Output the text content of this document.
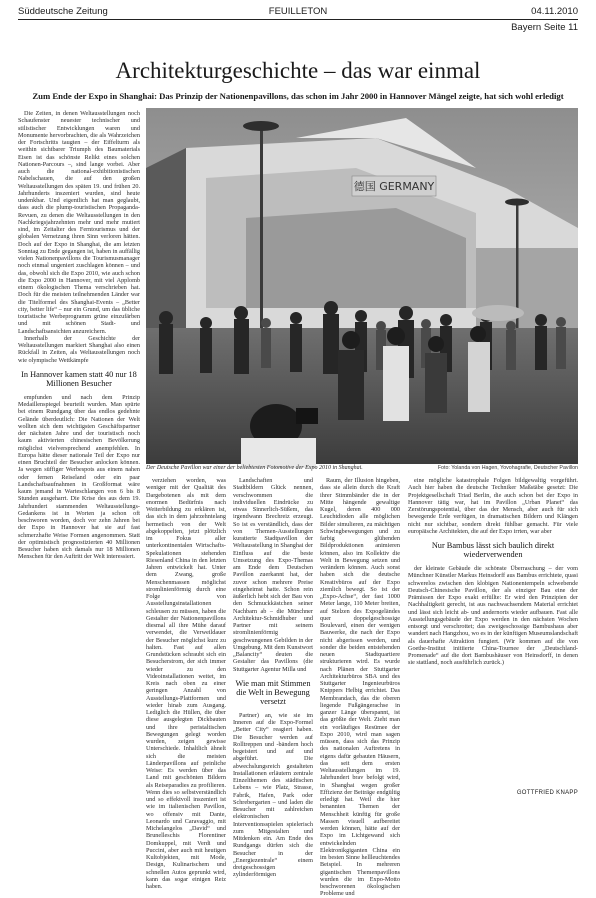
Süddeutsche Zeitung	FEUILLETON	04.11.2010
Bayern Seite 11
Architekturgeschichte – das war einmal
Zum Ende der Expo in Shanghai: Das Prinzip der Nationenpavillons, das schon im Jahr 2000 in Hannover Mängel zeigte, hat sich wohl erledigt

Die Zeiten, in denen Weltausstellungen noch Schaufenster neuester technischer und stilistischer Entwicklungen waren und Monumente hervorbrachten, die als Wahrzeichen der Fortschritts taugten – der Eiffelturm als weithin sichtbarer Triumph des Baumaterials Eisen ist das schönste Relikt eines solchen Nationen-Parcours –, sind lange vorbei. Aber auch die national-exhibitionistischen Nabelschauen, die auf den großen Weltausstellungen des späten 19. und frühen 20. Jahrhunderts inszeniert wurden, sind heute undenkbar. Und eigentlich hat man geglaubt, dass auch die plump-touristischen Propaganda-Revuen, zu denen die Weltausstellungen in den Nachkriegsjahrzehnten mehr und mehr mutiert sind, im Zeitalter des Ferntourismus und der globalen Vernetzung ihren Sinn verloren hätten. Doch auf der Expo in Shanghai, die am letzten Sonntag zu Ende gegangen ist, haben in auffällig vielen Nationenpavillons die Tourismusmanager noch einmal ungeniert zuschlagen können – und das, obwohl sich die Expo 2010, wie auch schon die Expo 2000 in Hannover, mit viel Applomb einem ökologischen Thema verschrieben hat. Doch für die meisten teilnehmenden Länder war die Titelformel des Shanghai-Events – „Better city, better life“ – nur ein Grund, um das übliche touristische Werbeprogramm grüne einzufärben und mit schönen Stadt- und Landschaftsansichten anzureichern.

Innerhalb der Geschichte der Weltausstellungen markiert Shanghai also einen Rückfall in Zeiten, als Weltausstellungen noch wie olympische Wettkämpfe

In Hannover kamen statt 40 nur 18 Millionen Besucher

empfunden und nach dem Prinzip Medaillenspiegel beurteilt wurden. Man spürte bei einem Rundgang über das endlos gedehnte Gelände überdeutlich: Die Nationen der Welt wollten sich dem wichtigsten Geschäftspartner der nächsten Jahre und der touristisch noch kaum aktivierten chinesischen Bevölkerung möglichst vielversprechend anempfehlen. In Europa hätte dieser nationale Teil der Expo nur einen Bruchteil der Besucher anlocken können. Ja wegen süffiger Werbespots aus einem nahen oder fernen Reiseland oder ein paar Landschaftsaufnahmen in Großformat wäre kaum jemand in Warteschlangen von 6 bis 8 Stunden ausgeharrt. Die Krise des aus dem 19. Jahrhundert stammenden Weltausstellungs-Gedankens ist in Worten ja schon oft beschworen worden, doch vor zehn Jahren bei der Expo in Hannover hat sie auf fast schmerzhafte Weise Formen angenommen. Statt der optimistisch prognostizierten 40 Millionen Besucher haben sich damals nur 18 Millionen Menschen für den Auftritt der Welt interessiert.

德国 GERMANY
Der Deutsche Pavillon war einer der beliebtesten Fotomotive der Expo 2010 in Shanghai.	Foto: Yolanda von Hagen, Yovohagrafie, Deutscher Pavillon

verziehen worden, was weniger mit der Qualität des Dargebotenen als mit dem enormen Bedürfnis nach Weiterbildung zu erklären ist, das sich in dem jahrzehntelang hermetisch von der Welt abgekoppelten, jetzt plötzlich im Fokus aller unterkontinentalen Wirtschafts-Spekulationen stehenden Riesenland China in den letzten Jahren entwickelt hat. Unter dem Zwang, große Menschenmassen möglichst stromlinienförmig durch eine Folge von Ausstellungsinstallationen schleusen zu müssen, haben die Gestalter der Nationenpavillons diesmal all ihre Mühe darauf verwendet, die Verweildauer der Besucher möglichst kurz zu halten. Fast auf allen Grundstücken schraubt sich ein Besucherstrom, der sich immer wieder zu den Videoinstallationen weitet, im Kreis nach oben zu einer geringen Anzahl von Ausstellungs-Plattformen und wieder hinab zum Ausgang. Lediglich die Hüllen, die über diese ausgelegten Dickbauten und ihre peristaltischen Bewegungen gelegt worden wurden, zeigen gewisse Unterschiede. Inhaltlich ähnelt sich die meisten Länderpavillons auf peinliche Weise: Es werden über das Land mit geschönten Bildern als Reiseparadies zu profilieren. Wenn dies so selbstverständlich und so effektvoll inszeniert ist wie im italienischen Pavillon, wo offensiv mit Dante, Leonardo und Caravaggio, mit Michelangelos „David“ und Brunelleschis Florentiner Domkuppel, mit Verdi und Puccini, aber auch mit heutigen Kultobjekten, mit Mode, Design, Kulinarischem und schnellen Autos geprunkt wird, kann das sogar einigen Reiz haben.

Landschaften und Stadtbildern Glück nennen, verschwommen die individuellen Eindrücke zu etwas Sinnerlich-Süßem, das irgendwann Brechreiz erzeugt. So ist es verständlich, dass der von Themen-Ausstellungen kuratierte Stadtpavillon der Weltausstellung in Shanghai der Einfluss auf die beste Umsetzung des Expo-Themas am Ende dem Deutschen Pavillon zuerkannt hat, der zuvor schon mehrere Preise eingeheimst hatte. Schon rein äußerlich hebt sich der Bau von den Schmuckkästchen seiner Nachbarn ab – die Münchner Architektur-Schmidhuber und Partner mit seinem stromlinienförmig geschwungenen Gebilden in der Umgebung. Mit dem Kunstwort „Balancity“ deuten die Gestalter das Pavillons (die Stuttgarter Agentur Milla und

Wie man mit Stimmen die Welt in Bewegung versetzt

Partner) an, wie sie im Inneren auf die Expo-Formel „Better City“ reagiert haben. Die Besucher werden auf Rolltreppen und -bändern hoch begeistert und auf und abgeführt. Die abwechslungsreich gestalteten Installationen erläutern zentrale Einzelthemen des städtischen Lebens – wie Platz, Strasse, Fabrik, Hafen, Park oder Schrebergarten – und laden die Besucher mit zahlreichen elektronischen Interventionsspielen spielerisch zum Mitgestalten und Mitdenken ein. Am Ende des Rundgangs dürfen sich die Besucher in der „Energiezentrale“ einem dreigeschossigen zylinderförmigen

Raum, der Illusion hingeben, dass sie allein durch die Kraft ihrer Stimmbänder die in der Mitte hängende gewaltige Kugel, deren 400 000 Leuchtdioden alle möglichen Bilder simulieren, zu mächtigen Schwingbewegungen und zu farbig glühenden Bildproduktionen animieren können, also im Kollektiv die Welt in Bewegung setzen und verändern können. Auch sonst haben sich die deutsche Kreativbüros auf der Expo ziemlich bewegt. So ist der „Expo-Achse“, der fast 1000 Meter lange, 110 Meter breiten, auf Stelzen des Expogeländes quer doppelgeschossige Boulevard, einen der wenigen Bauwerke, die nach der Expo nicht abgerissen werden, und sonder die beiden entstehenden neuen Stadtquartiere strukturieren wird. Es wurde nach Plänen der Stuttgarter Architekturbüros SBA und des Stuttgarter Ingenieurbüros Knippers Helbig errichtet. Das Membrandach, das die oberen liegende Fußgängerachse in ganzer Länge überspannt, ist das größte der Welt. Zieht man ein vorläufiges Resümee der Expo 2010, wird man sagen müssen, dass sich das Prinzip des nationalen Auftretens in eigens dafür gebauten Häusern, das seit dem ersten Weltausstellungen im 19. Jahrhundert brav befolgt wird, in Shanghai wegen großer Effizienz der Beiträge endgültig erledigt hat. Weil die hier benannten Themen der Menschheit künftig für große Massen visuell aufbereitet werden können, hätte auf der Expo im Lichtgewand sich entwickelnden Elektronikgiganten China ein im besten Sinne hellleuchtendes Beispiel. In mehreren gigantischen Themenpavillons wurden die im Expo-Motto beschworenen ökologischen Probleme und

eine mögliche katastrophale Folgen bildgewaltig vorgeführt. Auch hier haben die deutsche Techniker Maßstäbe gesetzt: Die Projektgesellschaft Triad Berlin, die auch schon bei der Expo in Hannover tätig war, hat im Pavillon „Urban Planet“ das Zerstörungspotential, über das der Mensch, aber auch für sich bewegende Erde verfügen, in dramatischen Bildern und Klängen nicht nur sichtbar, sondern direkt fühlbar gemacht. Für viele europäische Architekten, die auf der Expo irrten, war aber

Nur Bambus lässt sich baulich direkt wiederverwenden

der kleinste Gebäude die schönste Überraschung – der vom Münchner Künstler Markus Heinsdorff aus Bambus errichtete, quasi schwerelos zwischen den klobigen Nationentempeln schwebende Deutsch-Chinesische Pavillon, der als einziger Bau eine der Prämissen der Expo exakt erfüllte: Er wird den Prinzipien der Nachhaltigkeit gerecht, ist aus nachwachsendem Material errichtet und lässt sich leicht ab- und andernorts wieder aufbauen. Fast alle Ausstellungsgebäude der Expo werden in den nächsten Wochen entsorgt und verschrottet; das zweigeschossige Bambushaus aber wandert nach Hangzhou, wo es in der künftigen Museumslandschaft als dauerhafte Attraktion fungiert. (Wir kommen auf die von Goethe-Institut initiierte China-Tournee der „Deutschland-Promenade“ auf die dort Bambushäuser von Heinsdorff, in denen sie stattland, noch ausführlich zurück.)

GOTTFRIED KNAPP
